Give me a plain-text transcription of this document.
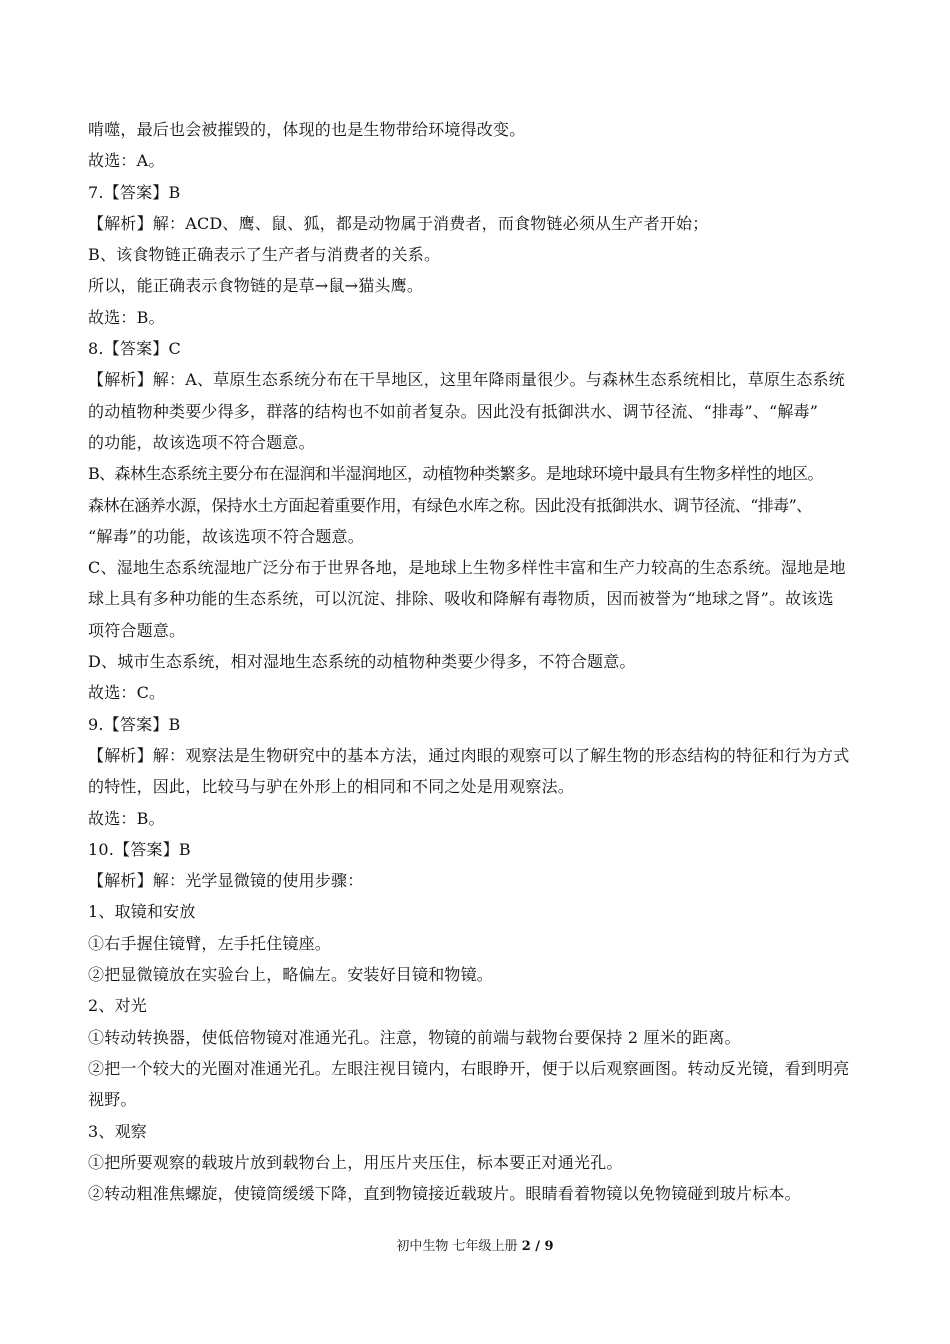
啃噬，最后也会被摧毁的，体现的也是生物带给环境得改变。
故选：A。
7.【答案】B
【解析】解：ACD、鹰、鼠、狐，都是动物属于消费者，而食物链必须从生产者开始；
B、该食物链正确表示了生产者与消费者的关系。
所以，能正确表示食物链的是草→鼠→猫头鹰。
故选：B。
8.【答案】C
【解析】解：A、草原生态系统分布在干旱地区，这里年降雨量很少。与森林生态系统相比，草原生态系统
的动植物种类要少得多，群落的结构也不如前者复杂。因此没有抵御洪水、调节径流、“排毒”、“解毒”
的功能，故该选项不符合题意。
B、森林生态系统主要分布在湿润和半湿润地区，动植物种类繁多。是地球环境中最具有生物多样性的地区。
森林在涵养水源，保持水土方面起着重要作用，有绿色水库之称。因此没有抵御洪水、调节径流、“排毒”、
“解毒”的功能，故该选项不符合题意。
C、湿地生态系统湿地广泛分布于世界各地，是地球上生物多样性丰富和生产力较高的生态系统。湿地是地
球上具有多种功能的生态系统，可以沉淀、排除、吸收和降解有毒物质，因而被誉为“地球之肾”。故该选
项符合题意。
D、城市生态系统，相对湿地生态系统的动植物种类要少得多，不符合题意。
故选：C。
9.【答案】B
【解析】解：观察法是生物研究中的基本方法，通过肉眼的观察可以了解生物的形态结构的特征和行为方式
的特性，因此，比较马与驴在外形上的相同和不同之处是用观察法。
故选：B。
10.【答案】B
【解析】解：光学显微镜的使用步骤：
1、取镜和安放
①右手握住镜臂，左手托住镜座。
②把显微镜放在实验台上，略偏左。安装好目镜和物镜。
2、对光
①转动转换器，使低倍物镜对准通光孔。注意，物镜的前端与载物台要保持 2 厘米的距离。
②把一个较大的光圈对准通光孔。左眼注视目镜内，右眼睁开，便于以后观察画图。转动反光镜，看到明亮
视野。
3、观察
①把所要观察的载玻片放到载物台上，用压片夹压住，标本要正对通光孔。
②转动粗准焦螺旋，使镜筒缓缓下降，直到物镜接近载玻片。眼睛看着物镜以免物镜碰到玻片标本。
初中生物 七年级上册 2 / 9
